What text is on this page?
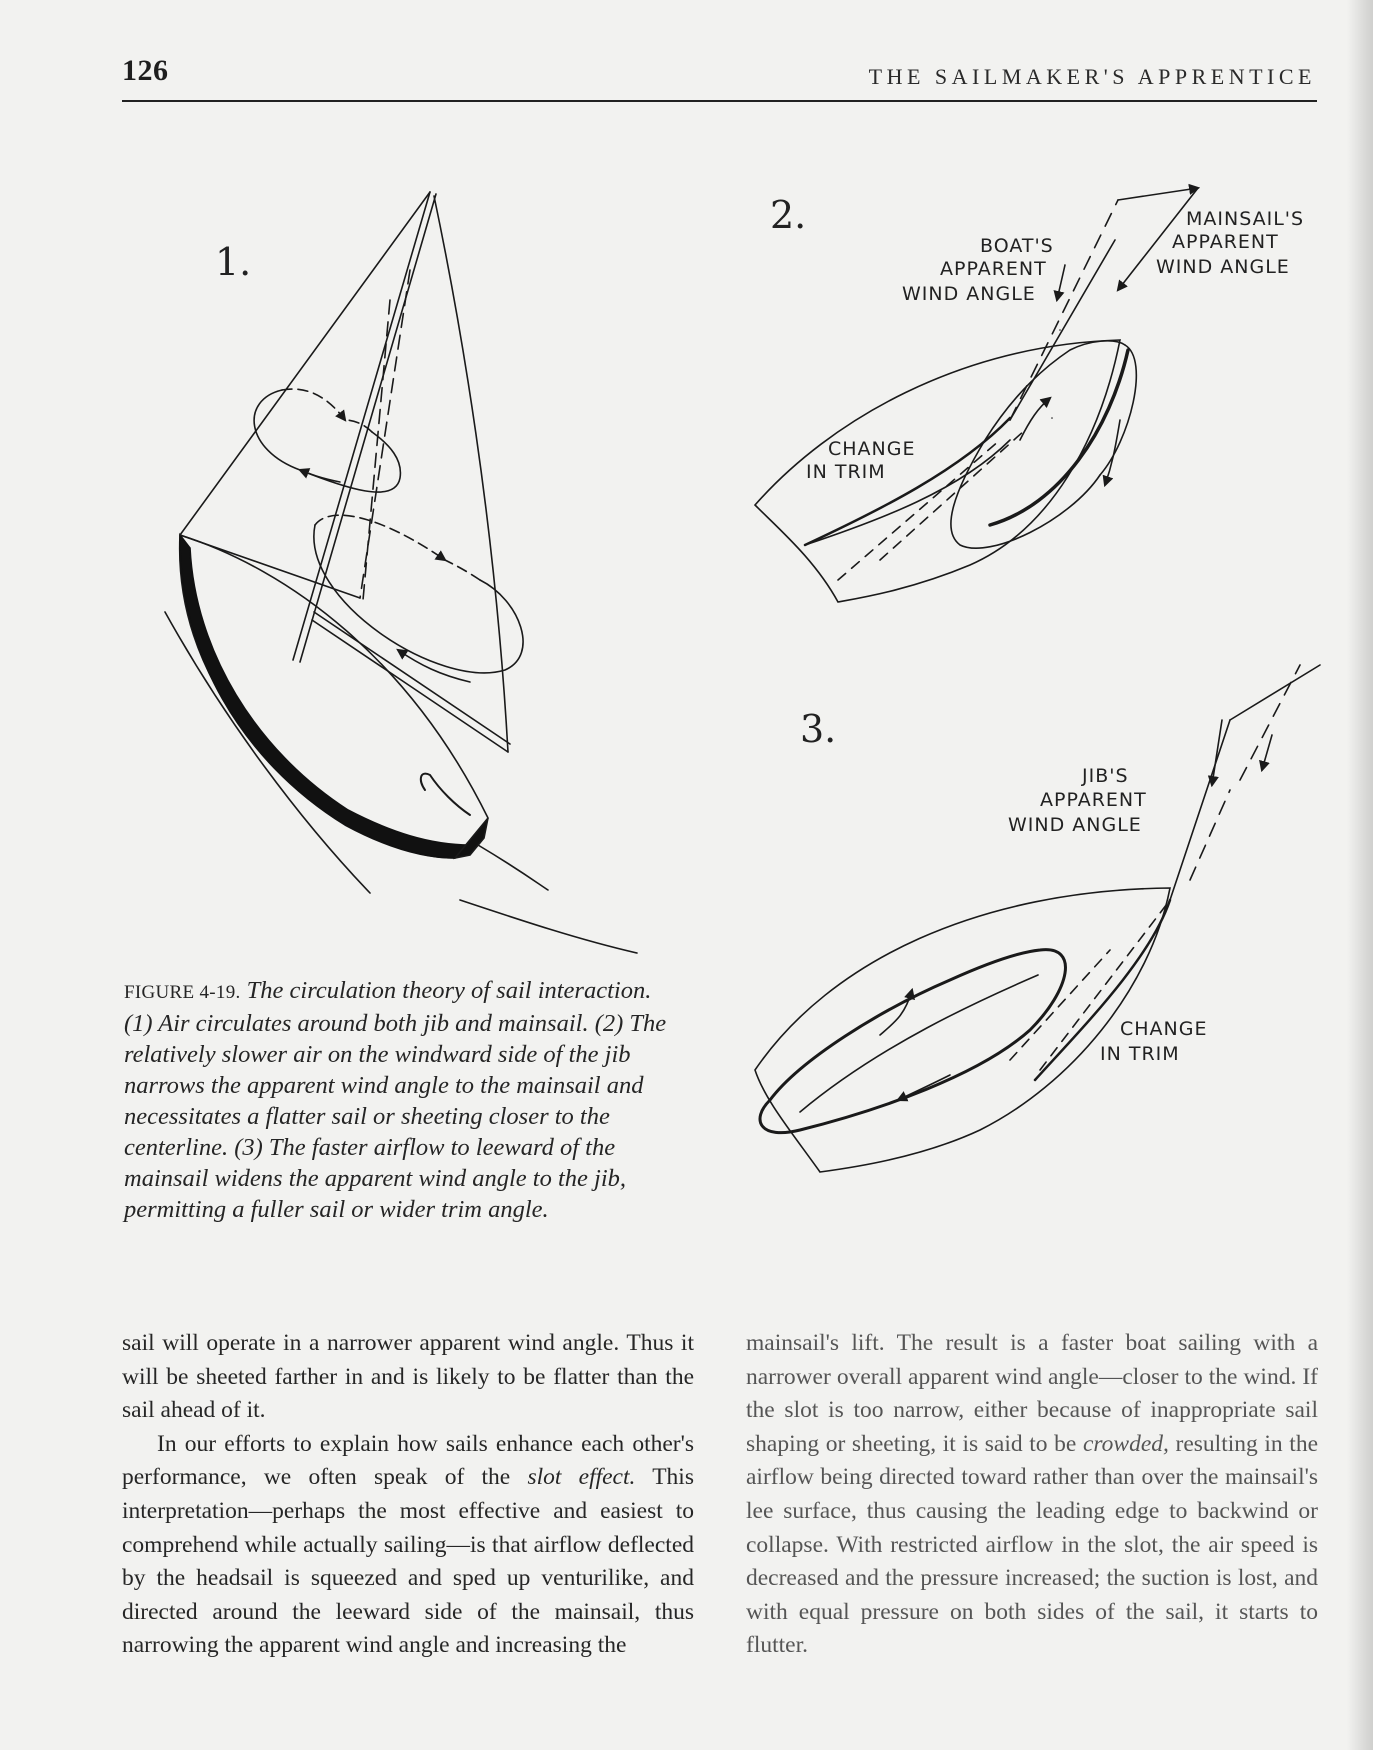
126	THE SAILMAKER'S APPRENTICE
1.
2.
BOAT'S
APPARENT
WIND ANGLE
MAINSAIL'S
APPARENT
WIND ANGLE
CHANGE
IN TRIM
3.
JIB'S
APPARENT
WIND ANGLE
CHANGE
IN TRIM
FIGURE 4-19. The circulation theory of sail interaction. (1) Air circulates around both jib and mainsail. (2) The relatively slower air on the windward side of the jib narrows the apparent wind angle to the mainsail and necessitates a flatter sail or sheeting closer to the centerline. (3) The faster airflow to leeward of the mainsail widens the apparent wind angle to the jib, permitting a fuller sail or wider trim angle.

sail will operate in a narrower apparent wind angle. Thus it will be sheeted farther in and is likely to be flatter than the sail ahead of it.

In our efforts to explain how sails enhance each other's performance, we often speak of the slot effect. This interpretation—perhaps the most effective and easiest to comprehend while actually sailing—is that airflow deflected by the headsail is squeezed and sped up venturilike, and directed around the leeward side of the mainsail, thus narrowing the apparent wind angle and increasing the

mainsail's lift. The result is a faster boat sailing with a narrower overall apparent wind angle—closer to the wind. If the slot is too narrow, either because of inappropriate sail shaping or sheeting, it is said to be crowded, resulting in the airflow being directed toward rather than over the mainsail's lee surface, thus causing the leading edge to backwind or collapse. With restricted airflow in the slot, the air speed is decreased and the pressure increased; the suction is lost, and with equal pressure on both sides of the sail, it starts to flutter.
